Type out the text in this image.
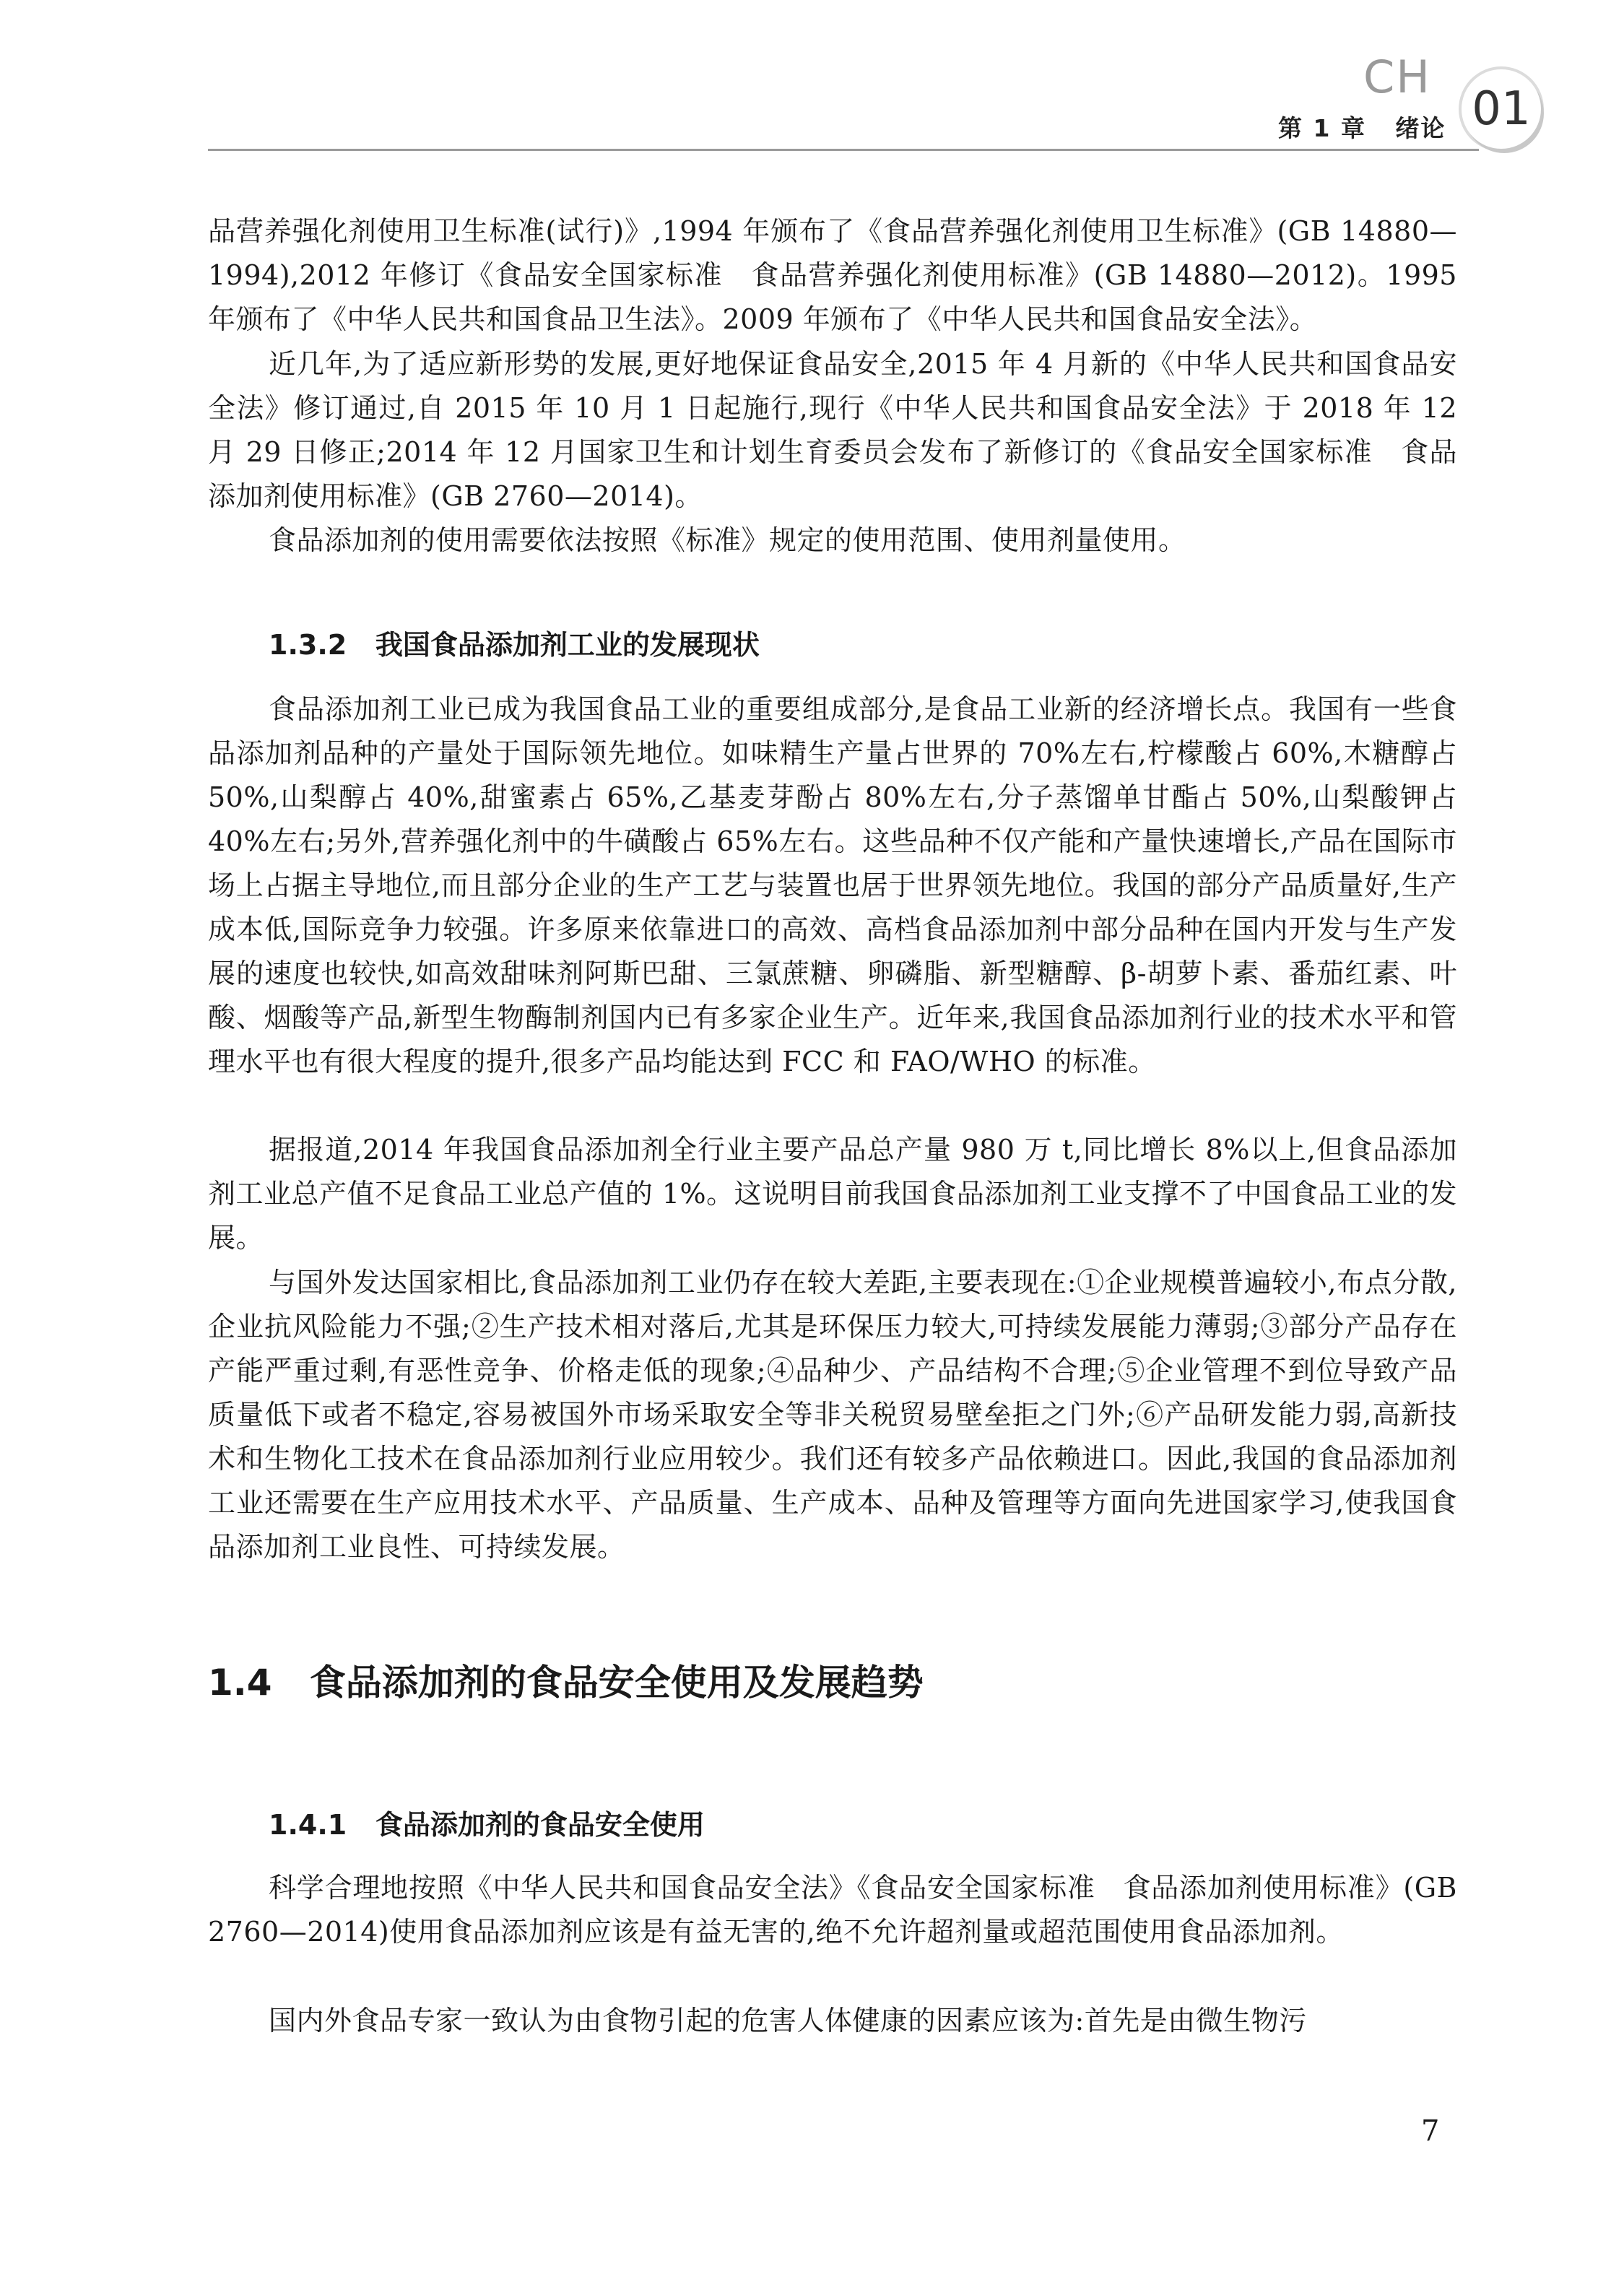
CH
01
第 1 章   绪论

品营养强化剂使用卫生标准(试行)》,1994 年颁布了《食品营养强化剂使用卫生标准》(GB 14880—1994),2012 年修订《食品安全国家标准　食品营养强化剂使用标准》(GB 14880—2012)。1995 年颁布了《中华人民共和国食品卫生法》。2009 年颁布了《中华人民共和国食品安全法》。

近几年,为了适应新形势的发展,更好地保证食品安全,2015 年 4 月新的《中华人民共和国食品安全法》修订通过,自 2015 年 10 月 1 日起施行,现行《中华人民共和国食品安全法》于 2018 年 12 月 29 日修正;2014 年 12 月国家卫生和计划生育委员会发布了新修订的《食品安全国家标准　食品添加剂使用标准》(GB 2760—2014)。

食品添加剂的使用需要依法按照《标准》规定的使用范围、使用剂量使用。

1.3.2   我国食品添加剂工业的发展现状

食品添加剂工业已成为我国食品工业的重要组成部分,是食品工业新的经济增长点。我国有一些食品添加剂品种的产量处于国际领先地位。如味精生产量占世界的 70%左右,柠檬酸占 60%,木糖醇占 50%,山梨醇占 40%,甜蜜素占 65%,乙基麦芽酚占 80%左右,分子蒸馏单甘酯占 50%,山梨酸钾占 40%左右;另外,营养强化剂中的牛磺酸占 65%左右。这些品种不仅产能和产量快速增长,产品在国际市场上占据主导地位,而且部分企业的生产工艺与装置也居于世界领先地位。我国的部分产品质量好,生产成本低,国际竞争力较强。许多原来依靠进口的高效、高档食品添加剂中部分品种在国内开发与生产发展的速度也较快,如高效甜味剂阿斯巴甜、三氯蔗糖、卵磷脂、新型糖醇、β-胡萝卜素、番茄红素、叶酸、烟酸等产品,新型生物酶制剂国内已有多家企业生产。近年来,我国食品添加剂行业的技术水平和管理水平也有很大程度的提升,很多产品均能达到 FCC 和 FAO/WHO 的标准。

据报道,2014 年我国食品添加剂全行业主要产品总产量 980 万 t,同比增长 8%以上,但食品添加剂工业总产值不足食品工业总产值的 1%。这说明目前我国食品添加剂工业支撑不了中国食品工业的发展。

与国外发达国家相比,食品添加剂工业仍存在较大差距,主要表现在:①企业规模普遍较小,布点分散,企业抗风险能力不强;②生产技术相对落后,尤其是环保压力较大,可持续发展能力薄弱;③部分产品存在产能严重过剩,有恶性竞争、价格走低的现象;④品种少、产品结构不合理;⑤企业管理不到位导致产品质量低下或者不稳定,容易被国外市场采取安全等非关税贸易壁垒拒之门外;⑥产品研发能力弱,高新技术和生物化工技术在食品添加剂行业应用较少。我们还有较多产品依赖进口。因此,我国的食品添加剂工业还需要在生产应用技术水平、产品质量、生产成本、品种及管理等方面向先进国家学习,使我国食品添加剂工业良性、可持续发展。

1.4   食品添加剂的食品安全使用及发展趋势
1.4.1   食品添加剂的食品安全使用

科学合理地按照《中华人民共和国食品安全法》《食品安全国家标准　食品添加剂使用标准》(GB 2760—2014)使用食品添加剂应该是有益无害的,绝不允许超剂量或超范围使用食品添加剂。

国内外食品专家一致认为由食物引起的危害人体健康的因素应该为:首先是由微生物污

7
